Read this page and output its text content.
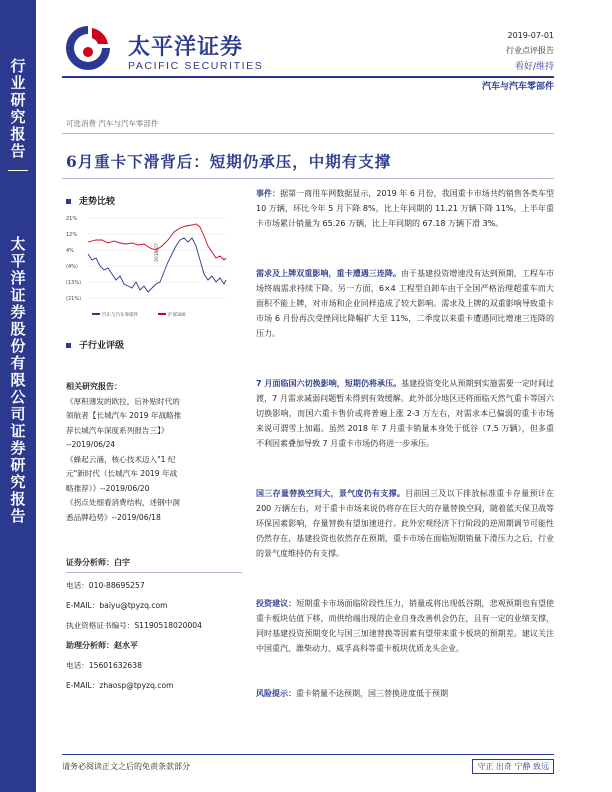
行
业
研
究
报
告
太
平
洋
证
券
股
份
有
限
公
司
证
券
研
究
报
告
太平洋证券
PACIFIC SECURITIES
2019-07-01
行业点评报告
看好/维持
汽车与汽车零部件
可选消费 汽车与汽车零部件
6月重卡下滑背后：短期仍承压，中期有支撑
走势比较
21%
12%
4%
(4%)
(13%)
(21%)
2018/07
汽车与汽车零部件	沪深300
子行业评级
相关研究报告：
《厚积薄发的欧拉，后补贴时代的
领航者【长城汽车 2019 年战略推
荐长城汽车深度系列报告三】》
--2019/06/24
《蜂起云涌，核心技术迈入"1 纪
元"新时代（长城汽车 2019 年战
略推荐）》--2019/06/20
《拐点处细看消费结构，述钢中洞
悉品牌趋势》--2019/06/18
证券分析师：白宇
电话：010-88695257
E-MAIL：baiyu@tpyzq.com
执业资格证书编号：S1190518020004
助理分析师：赵水平
电话：15601632638
E-MAIL：zhaosp@tpyzq.com
事件：据第一商用车网数据显示，2019 年 6 月份，我国重卡市场共约销售各类车型 10 万辆，环比今年 5 月下降 8%，比上年同期的 11.21 万辆下降 11%，上半年重卡市场累计销量为 65.26 万辆，比上年同期的 67.18 万辆下滑 3%。
需求及上牌双重影响，重卡遭遇三连降。由于基建投资增速没有达到预期，工程车市场终端需求持续下降。另一方面，6×4 工程型自卸车由于全国严格治理超重车而大面积不能上牌，对市场和企业同样造成了较大影响。需求及上牌的双重影响导致重卡市场 6 月份再次受挫同比降幅扩大至 11%，二季度以来重卡遭遇同比增速三连降的压力。
7 月面临国六切换影响，短期仍将承压。基建投资变化从预期到实施需要一定时间过渡，7 月需求减弱问题暂未得到有效缓解。此外部分地区还将面临天然气重卡等国六切换影响，而国六重卡售价或将普遍上涨 2-3 万左右，对需求本已偏弱的重卡市场来说可谓雪上加霜。虽然 2018 年 7 月重卡销量本身处于低谷（7.5 万辆），但多重不利因素叠加导致 7 月重卡市场仍将进一步承压。
国三存量替换空间大，景气度仍有支撑。目前国三及以下排放标准重卡存量预计在 200 万辆左右，对于重卡市场来说仍将存在巨大的存量替换空间，随着蓝天保卫战等环保因素影响，存量替换有望加速进行。此外宏观经济下行阶段的逆周期调节可能性仍然存在，基建投资也依然存在预期，重卡市场在面临短期销量下滑压力之后，行业的景气度维持仍有支撑。
投资建议：短期重卡市场面临阶段性压力，销量或将出现低谷期，悲观预期也有望使重卡板块估值下移，而供给端出现的企业自身改善机会仍在，且有一定的业绩支撑，同时基建投资预期变化与国三加速替换等因素有望带来重卡板块的预期差。建议关注中国重汽、潍柴动力、威孚高科等重卡板块优质龙头企业。
风险提示：重卡销量不达预期，国三替换进度低于预期
请务必阅读正文之后的免责条款部分	守正 出奇 宁静 致远
